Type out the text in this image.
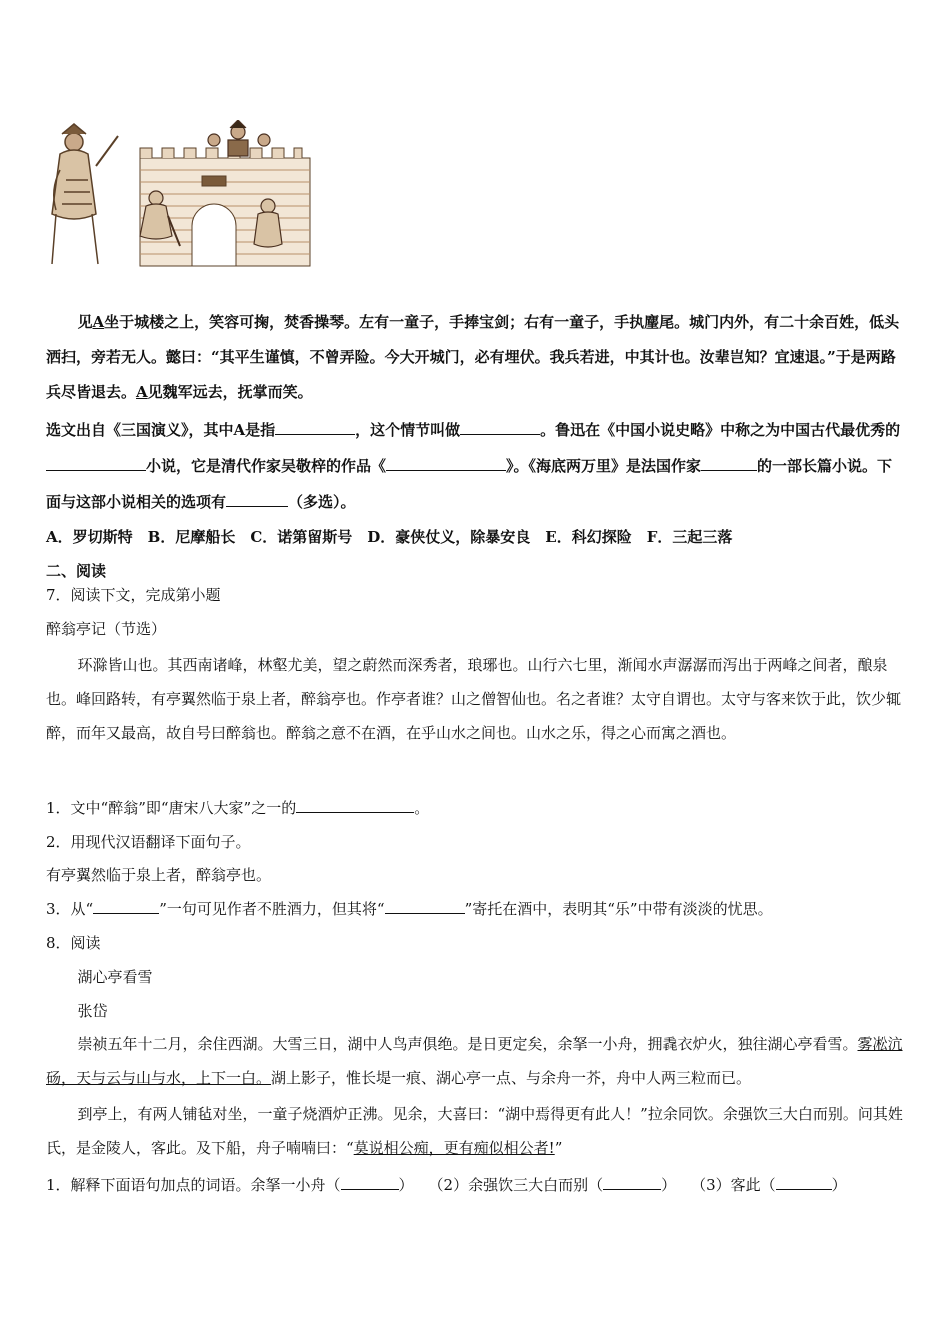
见A坐于城楼之上，笑容可掬，焚香操琴。左有一童子，手捧宝剑；右有一童子，手执麈尾。城门内外，有二十余百姓，低头洒扫，旁若无人。懿曰：“其平生谨慎，不曾弄险。今大开城门，必有埋伏。我兵若进，中其计也。汝辈岂知？宜速退。”于是两路兵尽皆退去。A见魏军远去，抚掌而笑。

选文出自《三国演义》，其中A是指	，这个情节叫做	。鲁迅在《中国小说史略》中称之为中国古代最优秀的小说，它是清代作家吴敬梓的作品《	》。《海底两万里》是法国作家	的一部长篇小说。下面与这部小说相关的选项有	（多选）。

A．罗切斯特　B．尼摩船长　C．诺第留斯号　D．豪侠仗义，除暴安良　E．科幻探险　F．三起三落

二、阅读

7．阅读下文，完成第小题

醉翁亭记（节选）

环滁皆山也。其西南诸峰，林壑尤美，望之蔚然而深秀者，琅琊也。山行六七里，渐闻水声潺潺而泻出于两峰之间者，酿泉也。峰回路转，有亭翼然临于泉上者，醉翁亭也。作亭者谁？山之僧智仙也。名之者谁？太守自谓也。太守与客来饮于此，饮少辄醉，而年又最高，故自号曰醉翁也。醉翁之意不在酒，在乎山水之间也。山水之乐，得之心而寓之酒也。

1．文中“醉翁”即“唐宋八大家”之一的	。

2．用现代汉语翻译下面句子。

有亭翼然临于泉上者，醉翁亭也。

3．从“	”一句可见作者不胜酒力，但其将“	”寄托在酒中，表明其“乐”中带有淡淡的忧思。

8．阅读

湖心亭看雪

张岱

崇祯五年十二月，余住西湖。大雪三日，湖中人鸟声俱绝。是日更定矣，余拏一小舟，拥毳衣炉火，独往湖心亭看雪。雾凇沆砀，天与云与山与水，上下一白。湖上影子，惟长堤一痕、湖心亭一点、与余舟一芥，舟中人两三粒而已。

到亭上，有两人铺毡对坐，一童子烧酒炉正沸。见余，大喜曰：“湖中焉得更有此人！”拉余同饮。余强饮三大白而别。问其姓氏，是金陵人，客此。及下船，舟子喃喃曰：“莫说相公痴，更有痴似相公者!”

1．解释下面语句加点的词语。余拏一小舟（	）　　（2）余强饮三大白而别（	）　　（3）客此（	）
